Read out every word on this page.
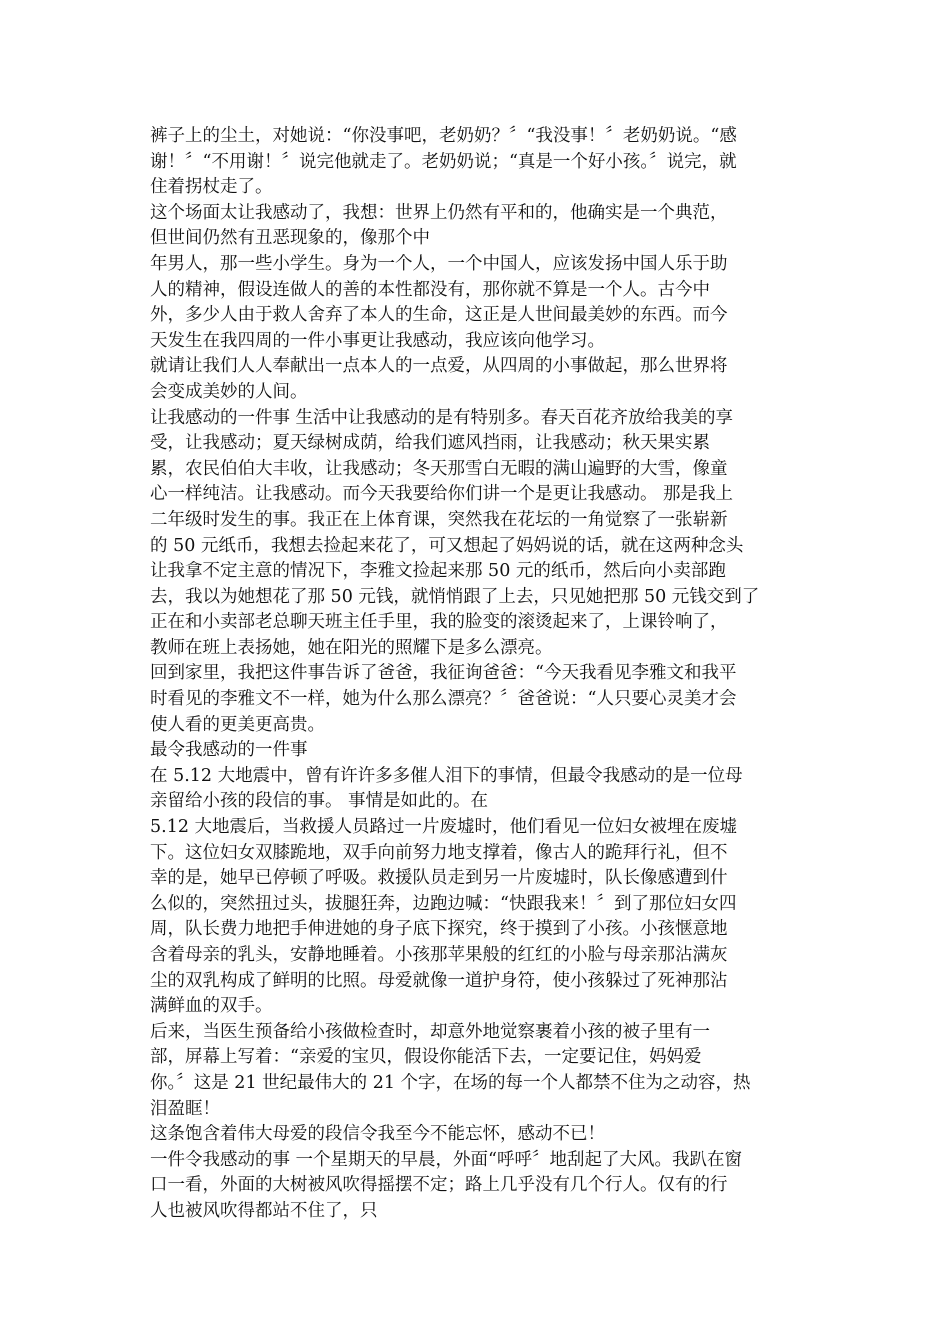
裤子上的尘土，对她说：“你没事吧，老奶奶？〞“我没事！〞老奶奶说。“感
谢！〞“不用谢！〞说完他就走了。老奶奶说；“真是一个好小孩。〞说完，就
住着拐杖走了。
这个场面太让我感动了，我想：世界上仍然有平和的，他确实是一个典范，
但世间仍然有丑恶现象的，像那个中
年男人，那一些小学生。身为一个人，一个中国人，应该发扬中国人乐于助
人的精神，假设连做人的善的本性都没有，那你就不算是一个人。古今中
外，多少人由于救人舍弃了本人的生命，这正是人世间最美妙的东西。而今
天发生在我四周的一件小事更让我感动，我应该向他学习。
就请让我们人人奉献出一点本人的一点爱，从四周的小事做起，那么世界将
会变成美妙的人间。
让我感动的一件事 生活中让我感动的是有特别多。春天百花齐放给我美的享
受，让我感动；夏天绿树成荫，给我们遮风挡雨，让我感动；秋天果实累
累，农民伯伯大丰收，让我感动；冬天那雪白无暇的满山遍野的大雪，像童
心一样纯洁。让我感动。而今天我要给你们讲一个是更让我感动。 那是我上
二年级时发生的事。我正在上体育课，突然我在花坛的一角觉察了一张崭新
的 50 元纸币，我想去捡起来花了，可又想起了妈妈说的话，就在这两种念头
让我拿不定主意的情况下，李雅文捡起来那 50 元的纸币，然后向小卖部跑
去，我以为她想花了那 50 元钱，就悄悄跟了上去，只见她把那 50 元钱交到了
正在和小卖部老总聊天班主任手里，我的脸变的滚烫起来了，上课铃响了，
教师在班上表扬她，她在阳光的照耀下是多么漂亮。
回到家里，我把这件事告诉了爸爸，我征询爸爸：“今天我看见李雅文和我平
时看见的李雅文不一样，她为什么那么漂亮？〞爸爸说：“人只要心灵美才会
使人看的更美更高贵。
最令我感动的一件事
在 5.12 大地震中，曾有许许多多催人泪下的事情，但最令我感动的是一位母
亲留给小孩的段信的事。 事情是如此的。在
5.12 大地震后，当救援人员路过一片废墟时，他们看见一位妇女被埋在废墟
下。这位妇女双膝跪地，双手向前努力地支撑着，像古人的跪拜行礼，但不
幸的是，她早已停顿了呼吸。救援队员走到另一片废墟时，队长像感遭到什
么似的，突然扭过头，拔腿狂奔，边跑边喊：“快跟我来！〞到了那位妇女四
周，队长费力地把手伸进她的身子底下探究，终于摸到了小孩。小孩惬意地
含着母亲的乳头，安静地睡着。小孩那苹果般的红红的小脸与母亲那沾满灰
尘的双乳构成了鲜明的比照。母爱就像一道护身符，使小孩躲过了死神那沾
满鲜血的双手。
后来，当医生预备给小孩做检查时，却意外地觉察裹着小孩的被子里有一
部，屏幕上写着：“亲爱的宝贝，假设你能活下去，一定要记住，妈妈爱
你。〞这是 21 世纪最伟大的 21 个字，在场的每一个人都禁不住为之动容，热
泪盈眶！
这条饱含着伟大母爱的段信令我至今不能忘怀，感动不已！
一件令我感动的事 一个星期天的早晨，外面“呼呼〞地刮起了大风。我趴在窗
口一看，外面的大树被风吹得摇摆不定；路上几乎没有几个行人。仅有的行
人也被风吹得都站不住了，只
